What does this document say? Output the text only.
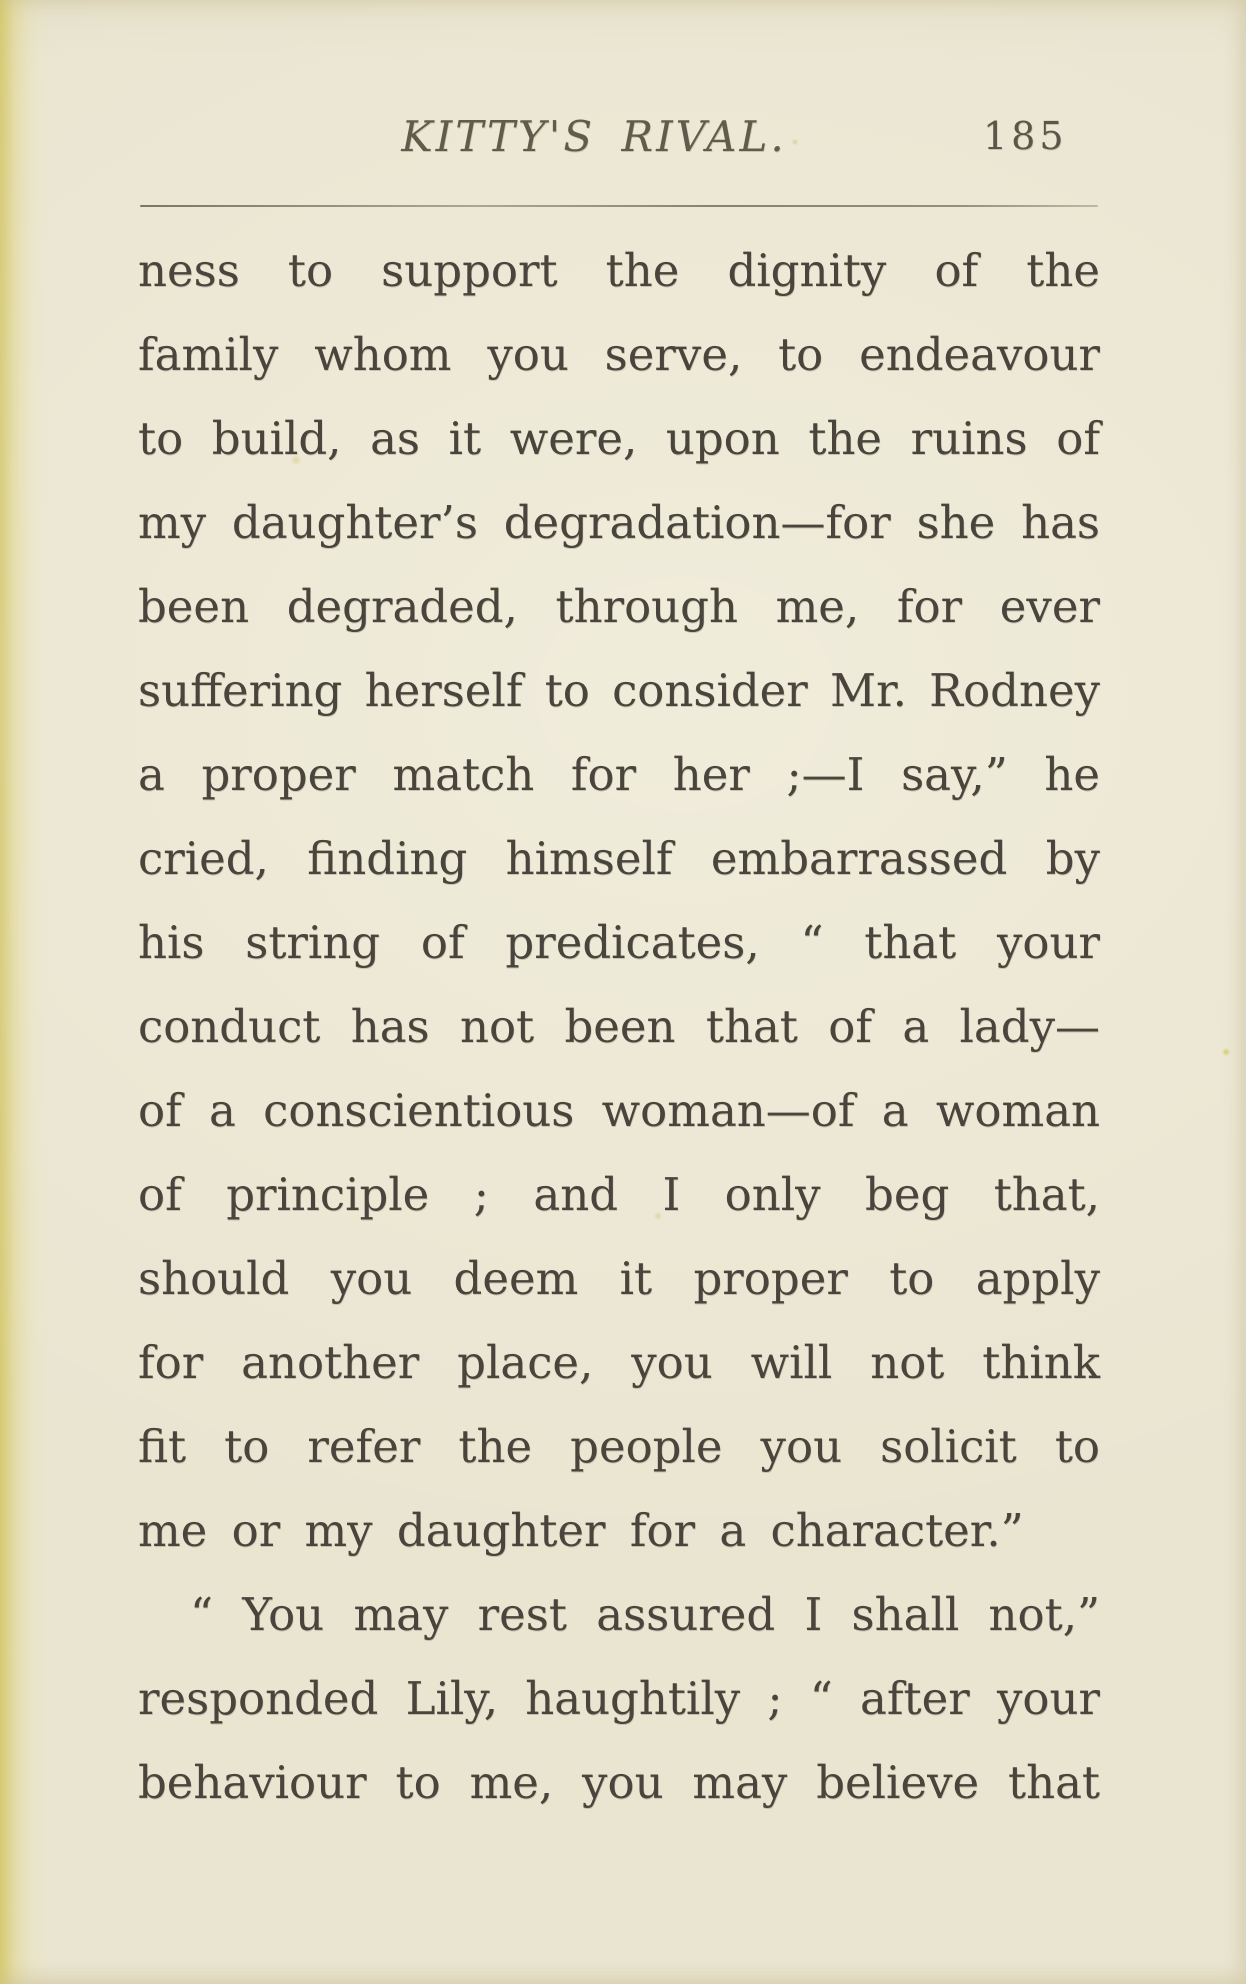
KITTY'S RIVAL.	185
ness to support the dignity of the
family whom you serve, to endeavour
to build, as it were, upon the ruins of
my daughter’s degradation—for she has
been degraded, through me, for ever
suffering herself to consider Mr. Rodney
a proper match for her ;—I say,” he
cried, finding himself embarrassed by
his string of predicates, “ that your
conduct has not been that of a lady—
of a conscientious woman—of a woman
of principle ; and I only beg that,
should you deem it proper to apply
for another place, you will not think
fit to refer the people you solicit to
me or my daughter for a character.”
“ You may rest assured I shall not,”
responded Lily, haughtily ; “ after your
behaviour to me, you may believe that
